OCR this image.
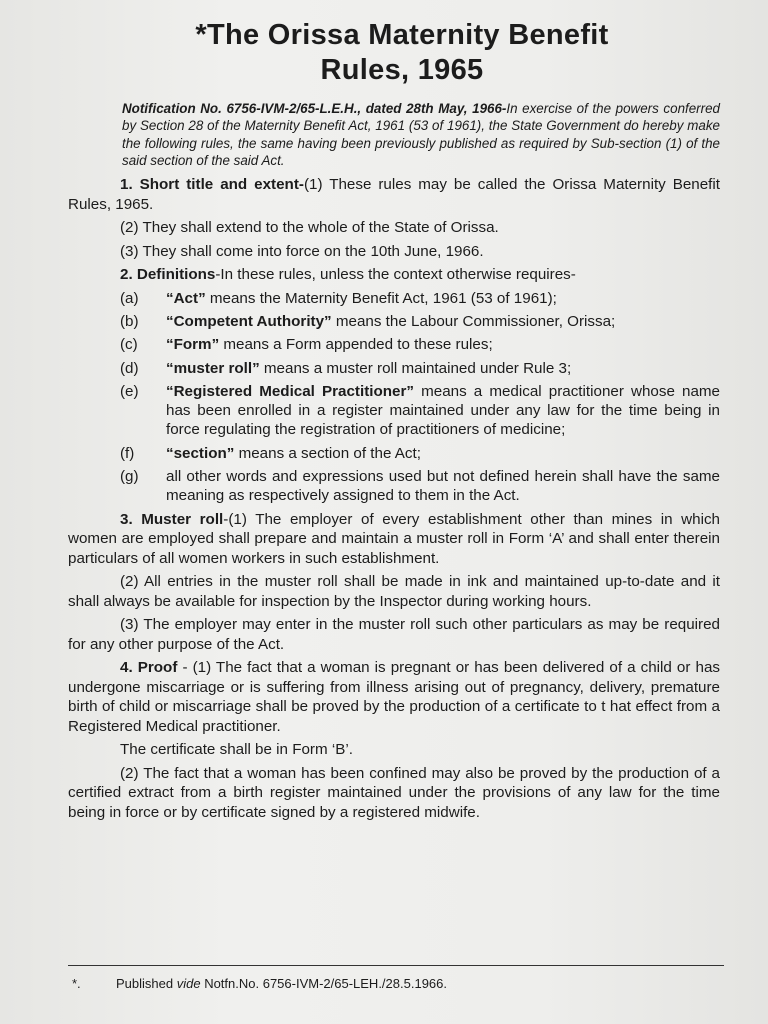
*The Orissa Maternity Benefit
Rules, 1965
Notification No. 6756-IVM-2/65-L.E.H., dated 28th May, 1966-In exercise of the powers conferred by Section 28 of the Maternity Benefit Act, 1961 (53 of 1961), the State Government do hereby make the following rules, the same having been previously published as required by Sub-section (1) of the said section of the said Act.

1. Short title and extent-(1) These rules may be called the Orissa Maternity Benefit Rules, 1965.

(2) They shall extend to the whole of the State of Orissa.

(3) They shall come into force on the 10th June, 1966.

2. Definitions-In these rules, unless the context otherwise requires-

(a)	“Act” means the Maternity Benefit Act, 1961 (53 of 1961);
(b)	“Competent Authority” means the Labour Commissioner, Orissa;
(c)	“Form” means a Form appended to these rules;
(d)	“muster roll” means a muster roll maintained under Rule 3;
(e)	“Registered Medical Practitioner” means a medical practitioner whose name has been enrolled in a register maintained under any law for the time being in force regulating the registration of practitioners of medicine;
(f)	“section” means a section of the Act;
(g)	all other words and expressions used but not defined herein shall have the same meaning as respectively assigned to them in the Act.

3. Muster roll-(1) The employer of every establishment other than mines in which women are employed shall prepare and maintain a muster roll in Form ‘A’ and shall enter therein particulars of all women workers in such establishment.

(2) All entries in the muster roll shall be made in ink and maintained up-to-date and it shall always be available for inspection by the Inspector during working hours.

(3) The employer may enter in the muster roll such other particulars as may be required for any other purpose of the Act.

4. Proof - (1) The fact that a woman is pregnant or has been delivered of a child or has undergone miscarriage or is suffering from illness arising out of pregnancy, delivery, premature birth of child or miscarriage shall be proved by the production of a certificate to t hat effect from a Registered Medical practitioner.

The certificate shall be in Form ‘B’.

(2) The fact that a woman has been confined may also be proved by the production of a certified extract from a birth register maintained under the provisions of any law for the time being in force or by certificate signed by a registered midwife.

*.	Published vide Notfn.No. 6756-IVM-2/65-LEH./28.5.1966.
